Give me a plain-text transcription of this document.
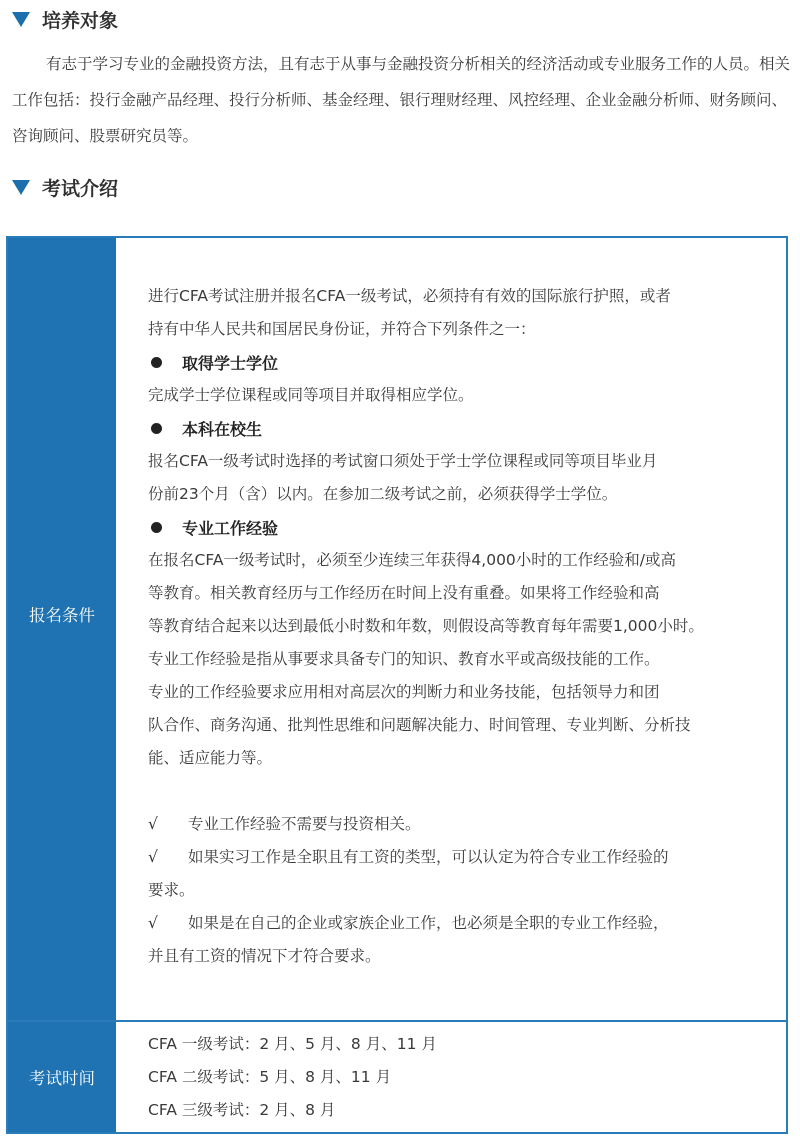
培养对象

有志于学习专业的金融投资方法，且有志于从事与金融投资分析相关的经济活动或专业服务工作的人员。相关工作包括：投行金融产品经理、投行分析师、基金经理、银行理财经理、风控经理、企业金融分析师、财务顾问、咨询顾问、股票研究员等。

考试介绍
报名条件
考试时间

进行CFA考试注册并报名CFA一级考试，必须持有有效的国际旅行护照，或者

持有中华人民共和国居民身份证，并符合下列条件之一：

取得学士学位

完成学士学位课程或同等项目并取得相应学位。

本科在校生

报名CFA一级考试时选择的考试窗口须处于学士学位课程或同等项目毕业月

份前23个月（含）以内。在参加二级考试之前，必须获得学士学位。

专业工作经验

在报名CFA一级考试时，必须至少连续三年获得4,000小时的工作经验和/或高

等教育。相关教育经历与工作经历在时间上没有重叠。如果将工作经验和高

等教育结合起来以达到最低小时数和年数，则假设高等教育每年需要1,000小时。

专业工作经验是指从事要求具备专门的知识、教育水平或高级技能的工作。

专业的工作经验要求应用相对高层次的判断力和业务技能，包括领导力和团

队合作、商务沟通、批判性思维和问题解决能力、时间管理、专业判断、分析技

能、适应能力等。

√ 专业工作经验不需要与投资相关。

√ 如果实习工作是全职且有工资的类型，可以认定为符合专业工作经验的

要求。

√ 如果是在自己的企业或家族企业工作，也必须是全职的专业工作经验，

并且有工资的情况下才符合要求。

CFA 一级考试：2 月、5 月、8 月、11 月
CFA 二级考试：5 月、8 月、11 月
CFA 三级考试：2 月、8 月
